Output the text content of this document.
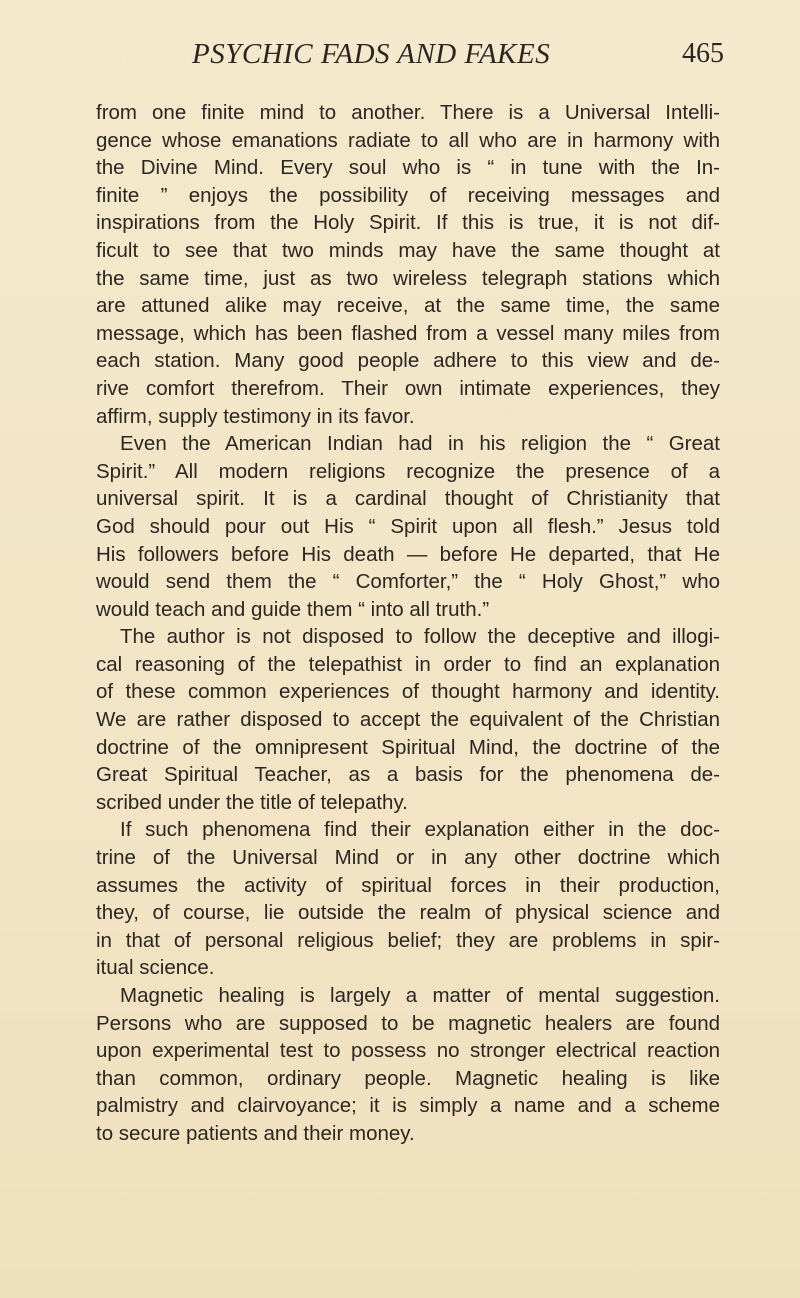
PSYCHIC FADS AND FAKES	465
from one finite mind to another. There is a Universal Intelli-
gence whose emanations radiate to all who are in harmony with
the Divine Mind. Every soul who is “ in tune with the In-
finite ” enjoys the possibility of receiving messages and
inspirations from the Holy Spirit. If this is true, it is not dif-
ficult to see that two minds may have the same thought at
the same time, just as two wireless telegraph stations which
are attuned alike may receive, at the same time, the same
message, which has been flashed from a vessel many miles from
each station. Many good people adhere to this view and de-
rive comfort therefrom. Their own intimate experiences, they
affirm, supply testimony in its favor.
Even the American Indian had in his religion the “ Great
Spirit.” All modern religions recognize the presence of a
universal spirit. It is a cardinal thought of Christianity that
God should pour out His “ Spirit upon all flesh.” Jesus told
His followers before His death — before He departed, that He
would send them the “ Comforter,” the “ Holy Ghost,” who
would teach and guide them “ into all truth.”
The author is not disposed to follow the deceptive and illogi-
cal reasoning of the telepathist in order to find an explanation
of these common experiences of thought harmony and identity.
We are rather disposed to accept the equivalent of the Christian
doctrine of the omnipresent Spiritual Mind, the doctrine of the
Great Spiritual Teacher, as a basis for the phenomena de-
scribed under the title of telepathy.
If such phenomena find their explanation either in the doc-
trine of the Universal Mind or in any other doctrine which
assumes the activity of spiritual forces in their production,
they, of course, lie outside the realm of physical science and
in that of personal religious belief; they are problems in spir-
itual science.
Magnetic healing is largely a matter of mental suggestion.
Persons who are supposed to be magnetic healers are found
upon experimental test to possess no stronger electrical reaction
than common, ordinary people. Magnetic healing is like
palmistry and clairvoyance; it is simply a name and a scheme
to secure patients and their money.
